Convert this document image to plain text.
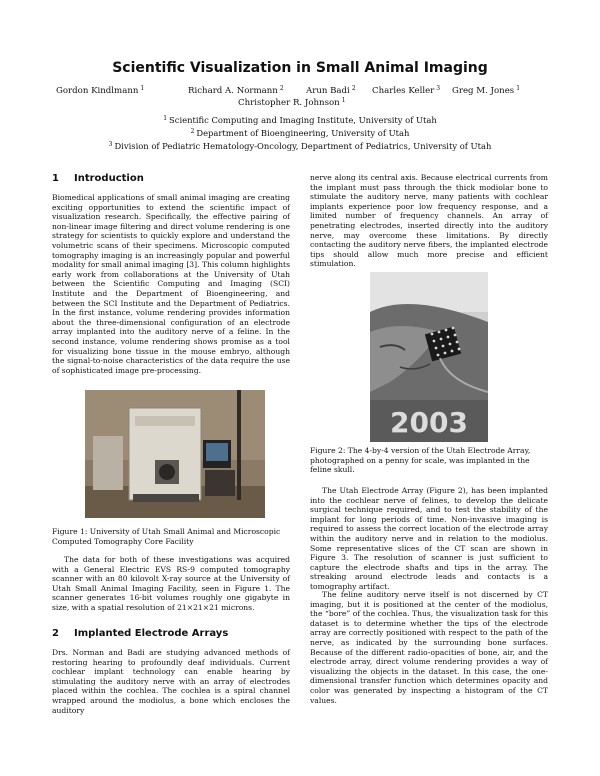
Scientific Visualization in Small Animal Imaging
Gordon Kindlmann $^1$	Richard A. Normann $^2$	Arun Badi $^2$ Charles Keller $^3$ Greg M. Jones $^1$
Christopher R. Johnson $^1$
$^1$ Scientific Computing and Imaging Institute, University of Utah
$^2$ Department of Bioengineering, University of Utah
$^3$ Division of Pediatric Hematology-Oncology, Department of Pediatrics, University of Utah
1 Introduction

Biomedical applications of small animal imaging are creating exciting opportunities to extend the scientific impact of visualization research. Specifically, the effective pairing of non-linear image filtering and direct volume rendering is one strategy for scientists to quickly explore and understand the volumetric scans of their specimens. Microscopic computed tomography imaging is an increasingly popular and powerful modality for small animal imaging [3]. This column highlights early work from collaborations at the University of Utah between the Scientific Computing and Imaging (SCI) Institute and the Department of Bioengineering, and between the SCI Institute and the Department of Pediatrics. In the first instance, volume rendering provides information about the three-dimensional configuration of an electrode array implanted into the auditory nerve of a feline. In the second instance, volume rendering shows promise as a tool for visualizing bone tissue in the mouse embryo, although the signal-to-noise characteristics of the data require the use of sophisticated image pre-processing.

Figure 1: University of Utah Small Animal and Microscopic Computed Tomography Core Facility

The data for both of these investigations was acquired with a General Electric EVS RS-9 computed tomography scanner with an 80 kilovolt X-ray source at the University of Utah Small Animal Imaging Facility, seen in Figure 1. The scanner generates 16-bit volumes roughly one gigabyte in size, with a spatial resolution of 21×21×21 microns.

2 Implanted Electrode Arrays

Drs. Norman and Badi are studying advanced methods of restoring hearing to profoundly deaf individuals. Current cochlear implant technology can enable hearing by stimulating the auditory nerve with an array of electrodes placed within the cochlea. The cochlea is a spiral channel wrapped around the modiolus, a bone which encloses the auditory

nerve along its central axis. Because electrical currents from the implant must pass through the thick modiolar bone to stimulate the auditory nerve, many patients with cochlear implants experience poor low frequency response, and a limited number of frequency channels. An array of penetrating electrodes, inserted directly into the auditory nerve, may overcome these limitations. By directly contacting the auditory nerve fibers, the implanted electrode tips should allow much more precise and efficient stimulation.

2003
Figure 2: The 4-by-4 version of the Utah Electrode Array, photographed on a penny for scale, was implanted in the feline skull.

The Utah Electrode Array (Figure 2), has been implanted into the cochlear nerve of felines, to develop the delicate surgical technique required, and to test the stability of the implant for long periods of time. Non-invasive imaging is required to assess the correct location of the electrode array within the auditory nerve and in relation to the modiolus. Some representative slices of the CT scan are shown in Figure 3. The resolution of scanner is just sufficient to capture the electrode shafts and tips in the array. The streaking around electrode leads and contacts is a tomography artifact.

The feline auditory nerve itself is not discerned by CT imaging, but it is positioned at the center of the modiolus, the “bore” of the cochlea. Thus, the visualization task for this dataset is to determine whether the tips of the electrode array are correctly positioned with respect to the path of the nerve, as indicated by the surrounding bone surfaces. Because of the different radio-opacities of bone, air, and the electrode array, direct volume rendering provides a way of visualizing the objects in the dataset. In this case, the one-dimensional transfer function which determines opacity and color was generated by inspecting a histogram of the CT values.
